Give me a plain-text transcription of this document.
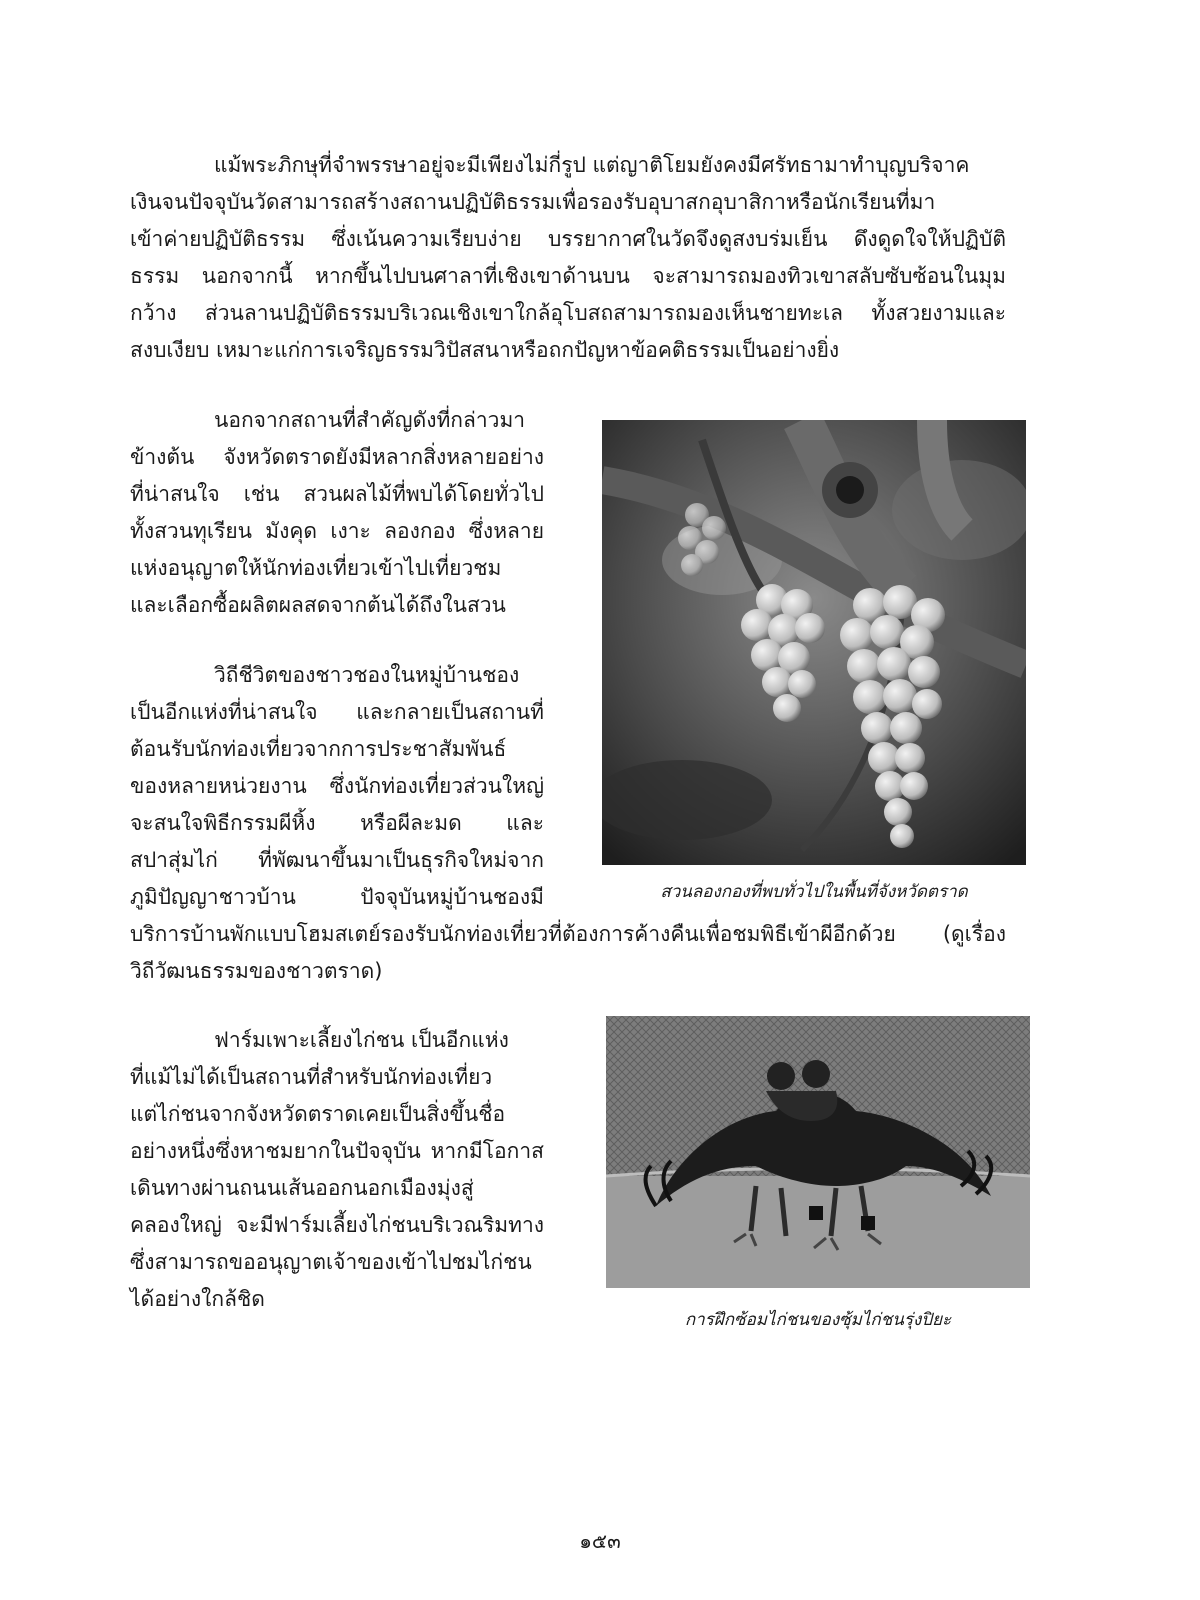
แม้พระภิกษุที่จำพรรษาอยู่จะมีเพียงไม่กี่รูป แต่ญาติโยมยังคงมีศรัทธามาทำบุญบริจาค
เงินจนปัจจุบันวัดสามารถสร้างสถานปฏิบัติธรรมเพื่อรองรับอุบาสกอุบาสิกาหรือนักเรียนที่มา
เข้าค่ายปฏิบัติธรรม ซึ่งเน้นความเรียบง่าย บรรยากาศในวัดจึงดูสงบร่มเย็น ดึงดูดใจให้ปฏิบัติ
ธรรม นอกจากนี้ หากขึ้นไปบนศาลาที่เชิงเขาด้านบน จะสามารถมองทิวเขาสลับซับซ้อนในมุม
กว้าง ส่วนลานปฏิบัติธรรมบริเวณเชิงเขาใกล้อุโบสถสามารถมองเห็นชายทะเล ทั้งสวยงามและ
สงบเงียบ เหมาะแก่การเจริญธรรมวิปัสสนาหรือถกปัญหาข้อคติธรรมเป็นอย่างยิ่ง
นอกจากสถานที่สำคัญดังที่กล่าวมา
ข้างต้น จังหวัดตราดยังมีหลากสิ่งหลายอย่าง
ที่น่าสนใจ เช่น สวนผลไม้ที่พบได้โดยทั่วไป
ทั้งสวนทุเรียน มังคุด เงาะ ลองกอง ซึ่งหลาย
แห่งอนุญาตให้นักท่องเที่ยวเข้าไปเที่ยวชม
และเลือกซื้อผลิตผลสดจากต้นได้ถึงในสวน
วิถีชีวิตของชาวชองในหมู่บ้านชอง
เป็นอีกแห่งที่น่าสนใจ และกลายเป็นสถานที่
ต้อนรับนักท่องเที่ยวจากการประชาสัมพันธ์
ของหลายหน่วยงาน ซึ่งนักท่องเที่ยวส่วนใหญ่
จะสนใจพิธีกรรมผีหิ้ง หรือผีละมด และ
สปาสุ่มไก่ ที่พัฒนาขึ้นมาเป็นธุรกิจใหม่จาก
ภูมิปัญญาชาวบ้าน ปัจจุบันหมู่บ้านชองมี
บริการบ้านพักแบบโฮมสเตย์รองรับนักท่องเที่ยวที่ต้องการค้างคืนเพื่อชมพิธีเข้าผีอีกด้วย (ดูเรื่อง
วิถีวัฒนธรรมของชาวตราด)
ฟาร์มเพาะเลี้ยงไก่ชน เป็นอีกแห่ง
ที่แม้ไม่ได้เป็นสถานที่สำหรับนักท่องเที่ยว
แต่ไก่ชนจากจังหวัดตราดเคยเป็นสิ่งขึ้นชื่อ
อย่างหนึ่งซึ่งหาชมยากในปัจจุบัน หากมีโอกาส
เดินทางผ่านถนนเส้นออกนอกเมืองมุ่งสู่
คลองใหญ่ จะมีฟาร์มเลี้ยงไก่ชนบริเวณริมทาง
ซึ่งสามารถขออนุญาตเจ้าของเข้าไปชมไก่ชน
ได้อย่างใกล้ชิด
สวนลองกองที่พบทั่วไปในพื้นที่จังหวัดตราด
การฝึกซ้อมไก่ชนของซุ้มไก่ชนรุ่งปิยะ
๑๕๓
